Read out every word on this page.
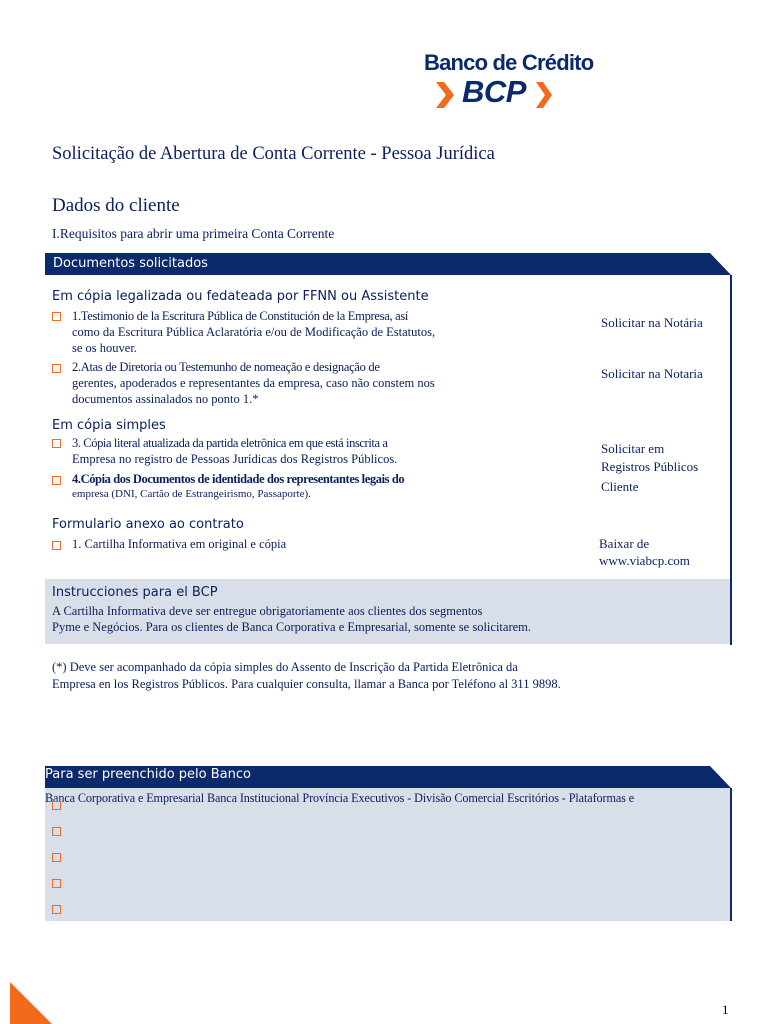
Banco de Crédito
BCP
Solicitação de Abertura de Conta Corrente - Pessoa Jurídica
Dados do cliente
I.Requisitos para abrir uma primeira Conta Corrente
Documentos solicitados
Em cópia legalizada ou fedateada por FFNN ou Assistente
1.Testimonio de la Escritura Pública de Constitución de la Empresa, así
como da Escritura Pública Aclaratória e/ou de Modificação de Estatutos,
se os houver.
Solicitar na Notária
2.Atas de Diretoria ou Testemunho de nomeação e designação de
gerentes, apoderados e representantes da empresa, caso não constem nos
documentos assinalados no ponto 1.*
Solicitar na Notaria
Em cópia simples
3. Cópia literal atualizada da partida eletrônica em que está inscrita a
Empresa no registro de Pessoas Jurídicas dos Registros Públicos.
4.Cópia dos Documentos de identidade dos representantes legais do
empresa (DNI, Cartão de Estrangeirismo, Passaporte).
Solicitar em
Registros Públicos
Cliente
Formulario anexo ao contrato
1. Cartilha Informativa em original e cópia	Baixar de
www.viabcp.com
Instrucciones para el BCP
A Cartilha Informativa deve ser entregue obrigatoriamente aos clientes dos segmentos
Pyme e Negócios. Para os clientes de Banca Corporativa e Empresarial, somente se solicitarem.
(*) Deve ser acompanhado da cópia simples do Assento de Inscrição da Partida Eletrônica da
Empresa en los Registros Públicos. Para cualquier consulta, llamar a Banca por Teléfono al 311 9898.
Para ser preenchido pelo Banco
Banca Corporativa e Empresarial Banca Institucional Província Executivos - Divisão Comercial Escritórios - Plataformas e
1
